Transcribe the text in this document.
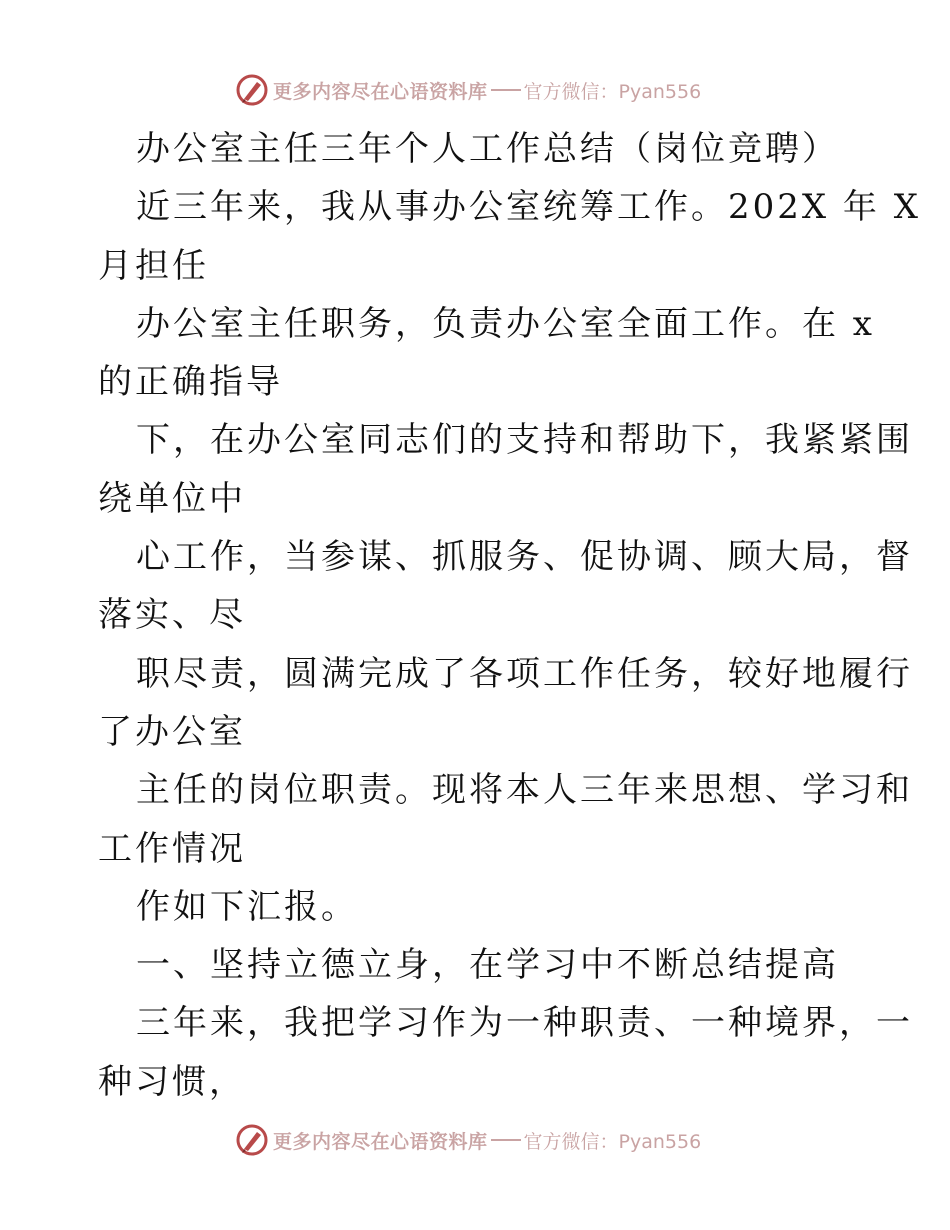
更多内容尽在心语资料库 官方微信：Pyan556
办公室主任三年个人工作总结（岗位竞聘）
近三年来，我从事办公室统筹工作。202X 年 X
月担任
办公室主任职务，负责办公室全面工作。在 x
的正确指导
下，在办公室同志们的支持和帮助下，我紧紧围
绕单位中
心工作，当参谋、抓服务、促协调、顾大局，督
落实、尽
职尽责，圆满完成了各项工作任务，较好地履行
了办公室
主任的岗位职责。现将本人三年来思想、学习和
工作情况
作如下汇报。
一、坚持立德立身，在学习中不断总结提高
三年来，我把学习作为一种职责、一种境界，一
种习惯，
更多内容尽在心语资料库 官方微信：Pyan556
